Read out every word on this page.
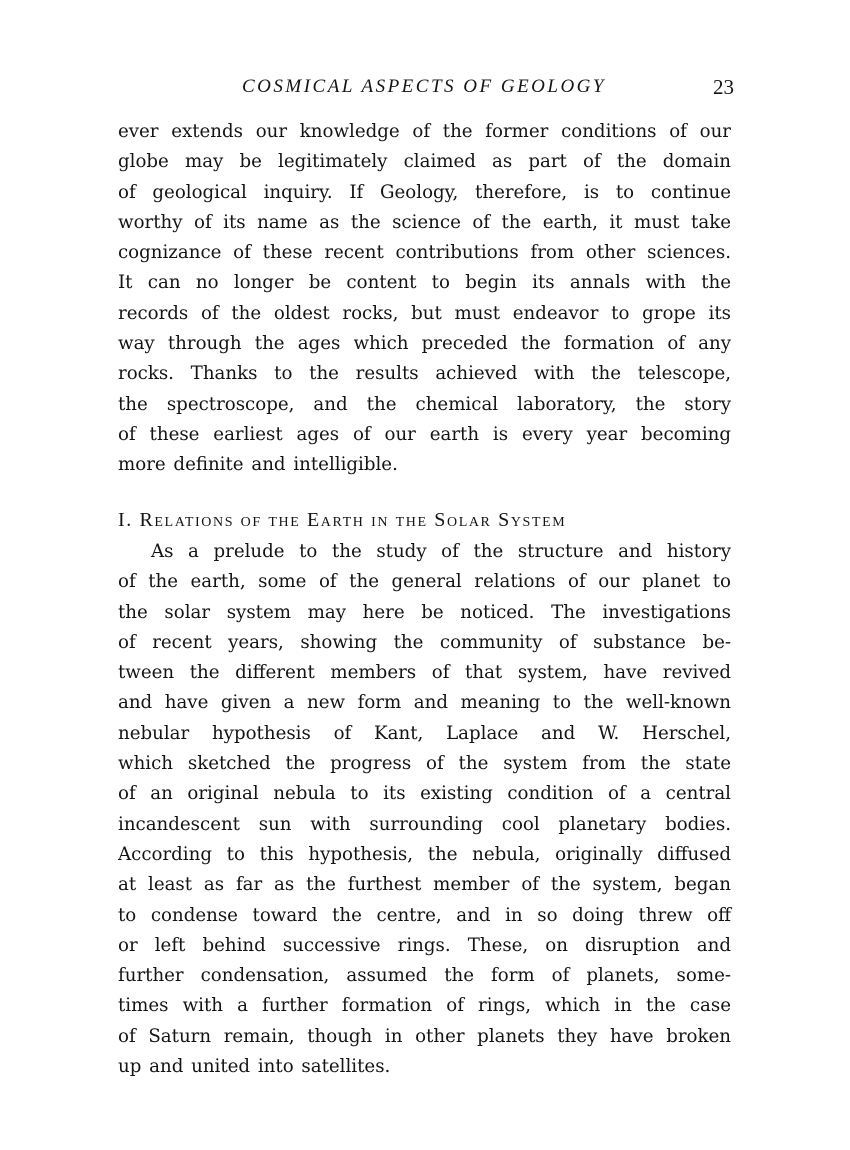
COSMICAL ASPECTS OF GEOLOGY	23
ever extends our knowledge of the former conditions of our
globe may be legitimately claimed as part of the domain
of geological inquiry. If Geology, therefore, is to continue
worthy of its name as the science of the earth, it must take
cognizance of these recent contributions from other sciences.
It can no longer be content to begin its annals with the
records of the oldest rocks, but must endeavor to grope its
way through the ages which preceded the formation of any
rocks. Thanks to the results achieved with the telescope,
the spectroscope, and the chemical laboratory, the story
of these earliest ages of our earth is every year becoming
more definite and intelligible.
I. Relations of the Earth in the Solar System
As a prelude to the study of the structure and history
of the earth, some of the general relations of our planet to
the solar system may here be noticed. The investigations
of recent years, showing the community of substance be-
tween the different members of that system, have revived
and have given a new form and meaning to the well-known
nebular hypothesis of Kant, Laplace and W. Herschel,
which sketched the progress of the system from the state
of an original nebula to its existing condition of a central
incandescent sun with surrounding cool planetary bodies.
According to this hypothesis, the nebula, originally diffused
at least as far as the furthest member of the system, began
to condense toward the centre, and in so doing threw off
or left behind successive rings. These, on disruption and
further condensation, assumed the form of planets, some-
times with a further formation of rings, which in the case
of Saturn remain, though in other planets they have broken
up and united into satellites.
